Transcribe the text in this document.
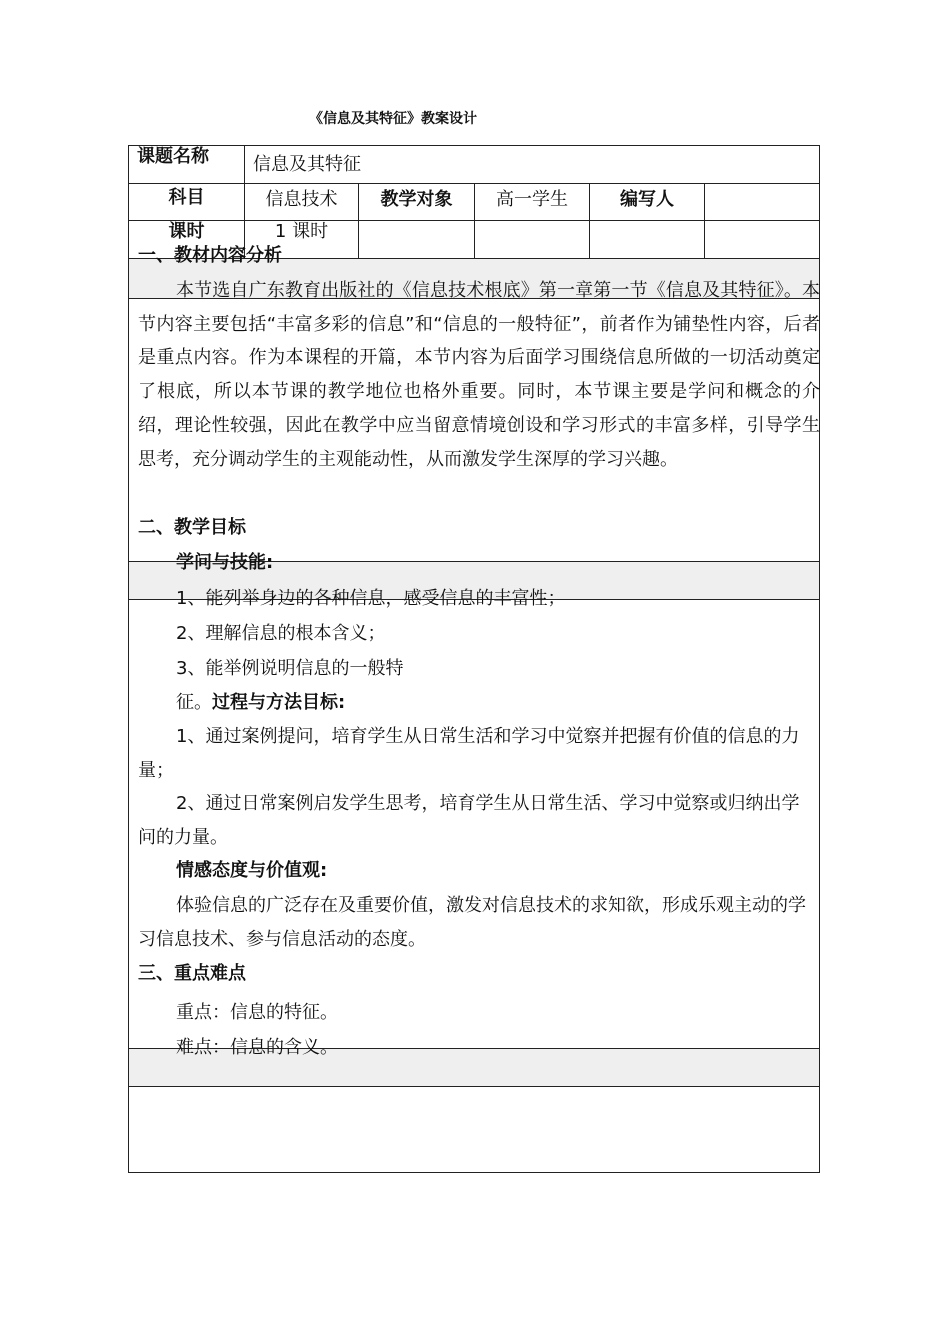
《信息及其特征》教案设计
课题名称	信息及其特征
科目	信息技术	教学对象	高一学生	编写人
课时	1 课时
一、教材内容分析

本节选自广东教育出版社的《信息技术根底》第一章第一节《信息及其特征》。本节内容主要包括“丰富多彩的信息”和“信息的一般特征”，前者作为铺垫性内容，后者是重点内容。作为本课程的开篇，本节内容为后面学习围绕信息所做的一切活动奠定了根底，所以本节课的教学地位也格外重要。同时，本节课主要是学问和概念的介绍，理论性较强，因此在教学中应当留意情境创设和学习形式的丰富多样，引导学生思考，充分调动学生的主观能动性，从而激发学生深厚的学习兴趣。

二、教学目标
学问与技能:
1、能列举身边的各种信息，感受信息的丰富性；
2、理解信息的根本含义；
3、能举例说明信息的一般特
征。过程与方法目标:

1、通过案例提问，培育学生从日常生活和学习中觉察并把握有价值的信息的力量；

2、通过日常案例启发学生思考，培育学生从日常生活、学习中觉察或归纳出学问的力量。

情感态度与价值观:

体验信息的广泛存在及重要价值，激发对信息技术的求知欲，形成乐观主动的学习信息技术、参与信息活动的态度。

三、重点难点
重点：信息的特征。
难点：信息的含义。
